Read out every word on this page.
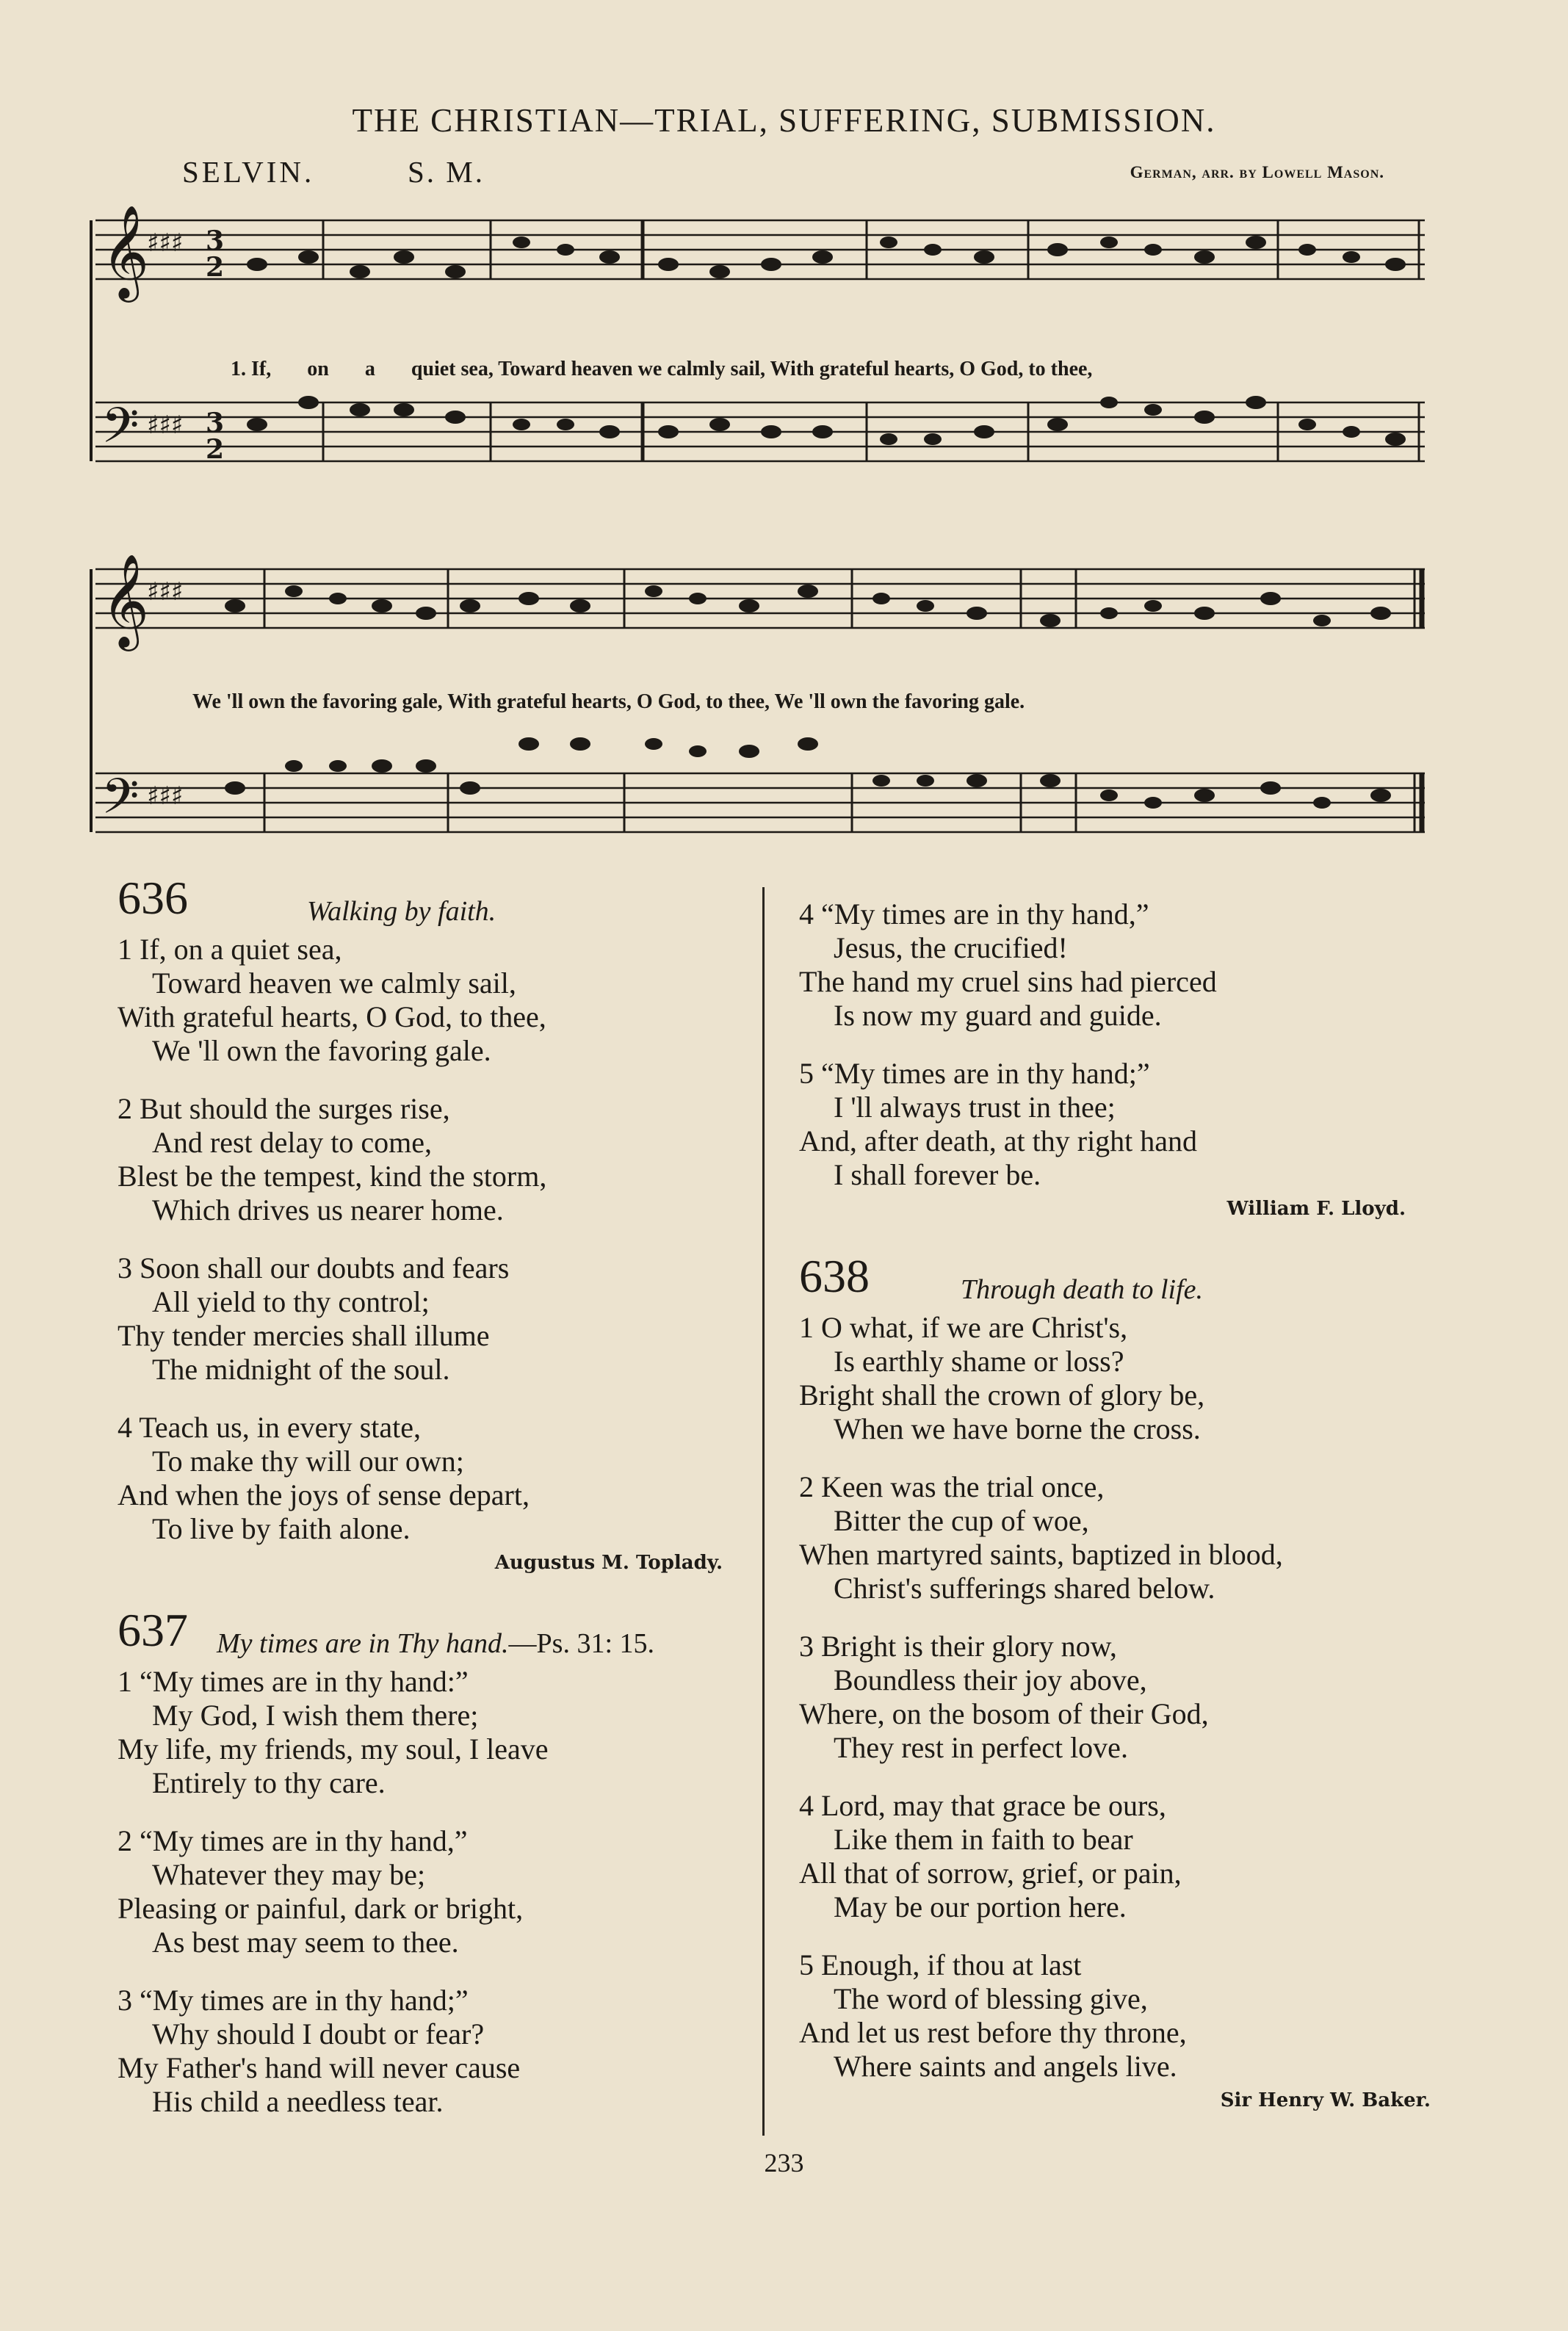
THE CHRISTIAN—TRIAL, SUFFERING, SUBMISSION.
SELVIN.	S. M.	German, arr. by Lowell Mason.
𝄞
𝄢
♯♯♯
♯♯♯
3
2
3
2

1. If, on a quiet sea, Toward heaven we calmly sail, With grateful hearts, O God, to thee,

𝄞
𝄢
♯♯♯
♯♯♯
We 'll own the favoring gale, With grateful hearts, O God, to thee, We 'll own the favoring gale.
636	Walking by faith.
1 If, on a quiet sea,
Toward heaven we calmly sail,
With grateful hearts, O God, to thee,
We 'll own the favoring gale.
2 But should the surges rise,
And rest delay to come,
Blest be the tempest, kind the storm,
Which drives us nearer home.
3 Soon shall our doubts and fears
All yield to thy control;
Thy tender mercies shall illume
The midnight of the soul.
4 Teach us, in every state,
To make thy will our own;
And when the joys of sense depart,
To live by faith alone.
Augustus M. Toplady.
637 My times are in Thy hand.—Ps. 31: 15.
1 “My times are in thy hand:”
My God, I wish them there;
My life, my friends, my soul, I leave
Entirely to thy care.
2 “My times are in thy hand,”
Whatever they may be;
Pleasing or painful, dark or bright,
As best may seem to thee.
3 “My times are in thy hand;”
Why should I doubt or fear?
My Father's hand will never cause
His child a needless tear.
4 “My times are in thy hand,”
Jesus, the crucified!
The hand my cruel sins had pierced
Is now my guard and guide.
5 “My times are in thy hand;”
I 'll always trust in thee;
And, after death, at thy right hand
I shall forever be.
William F. Lloyd.
638	Through death to life.
1 O what, if we are Christ's,
Is earthly shame or loss?
Bright shall the crown of glory be,
When we have borne the cross.
2 Keen was the trial once,
Bitter the cup of woe,
When martyred saints, baptized in blood,
Christ's sufferings shared below.
3 Bright is their glory now,
Boundless their joy above,
Where, on the bosom of their God,
They rest in perfect love.
4 Lord, may that grace be ours,
Like them in faith to bear
All that of sorrow, grief, or pain,
May be our portion here.
5 Enough, if thou at last
The word of blessing give,
And let us rest before thy throne,
Where saints and angels live.
Sir Henry W. Baker.
233
